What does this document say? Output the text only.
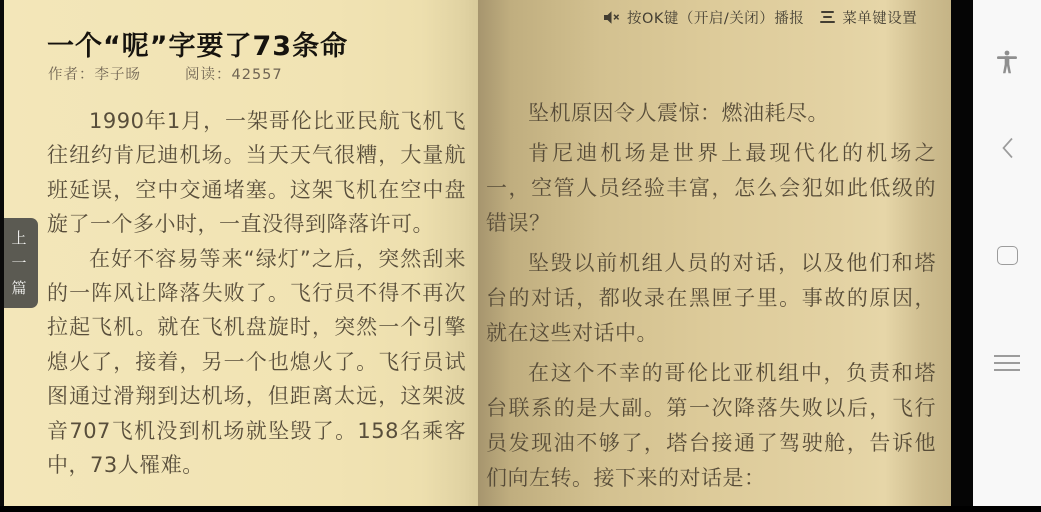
一个“呢”字要了73条命
作者：李子旸	阅读：42557

1990年1月，一架哥伦比亚民航飞机飞往纽约肯尼迪机场。当天天气很糟，大量航班延误，空中交通堵塞。这架飞机在空中盘旋了一个多小时，一直没得到降落许可。

在好不容易等来“绿灯”之后，突然刮来的一阵风让降落失败了。飞行员不得不再次拉起飞机。就在飞机盘旋时，突然一个引擎熄火了，接着，另一个也熄火了。飞行员试图通过滑翔到达机场，但距离太远，这架波音707飞机没到机场就坠毁了。158名乘客中，73人罹难。

坠机原因令人震惊：燃油耗尽。

肯尼迪机场是世界上最现代化的机场之一，空管人员经验丰富，怎么会犯如此低级的错误？

坠毁以前机组人员的对话，以及他们和塔台的对话，都收录在黑匣子里。事故的原因，就在这些对话中。

在这个不幸的哥伦比亚机组中，负责和塔台联系的是大副。第一次降落失败以后，飞行员发现油不够了，塔台接通了驾驶舱，告诉他们向左转。接下来的对话是：

按OK键（开启/关闭）播报	菜单键设置
上一篇
